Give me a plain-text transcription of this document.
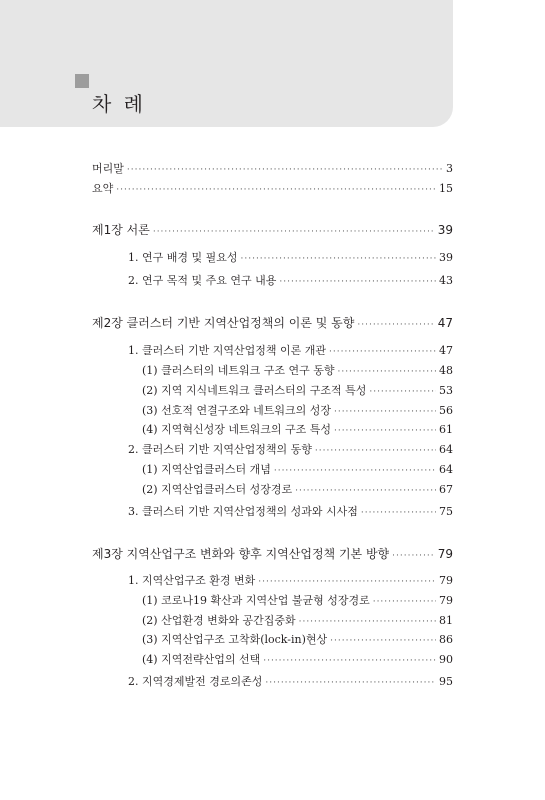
차 례
머리말 ·····	3
요약 ·····	15
제1장 서론 ·····	39
1. 연구 배경 및 필요성 ·····	39
2. 연구 목적 및 주요 연구 내용 ·····	43
제2장 클러스터 기반 지역산업정책의 이론 및 동향 ·····	47
1. 클러스터 기반 지역산업정책 이론 개관 ·····	47
(1) 클러스터의 네트워크 구조 연구 동향 ·····	48
(2) 지역 지식네트워크 클러스터의 구조적 특성 ·····	53
(3) 선호적 연결구조와 네트워크의 성장 ·····	56
(4) 지역혁신성장 네트워크의 구조 특성 ·····	61
2. 클러스터 기반 지역산업정책의 동향 ·····	64
(1) 지역산업클러스터 개념 ·····	64
(2) 지역산업클러스터 성장경로 ·····	67
3. 클러스터 기반 지역산업정책의 성과와 시사점 ·····	75
제3장 지역산업구조 변화와 향후 지역산업정책 기본 방향 ·····	79
1. 지역산업구조 환경 변화 ·····	79
(1) 코로나19 확산과 지역산업 불균형 성장경로 ·····	79
(2) 산업환경 변화와 공간집중화 ·····	81
(3) 지역산업구조 고착화(lock-in)현상 ·····	86
(4) 지역전략산업의 선택 ·····	90
2. 지역경제발전 경로의존성 ·····	95
